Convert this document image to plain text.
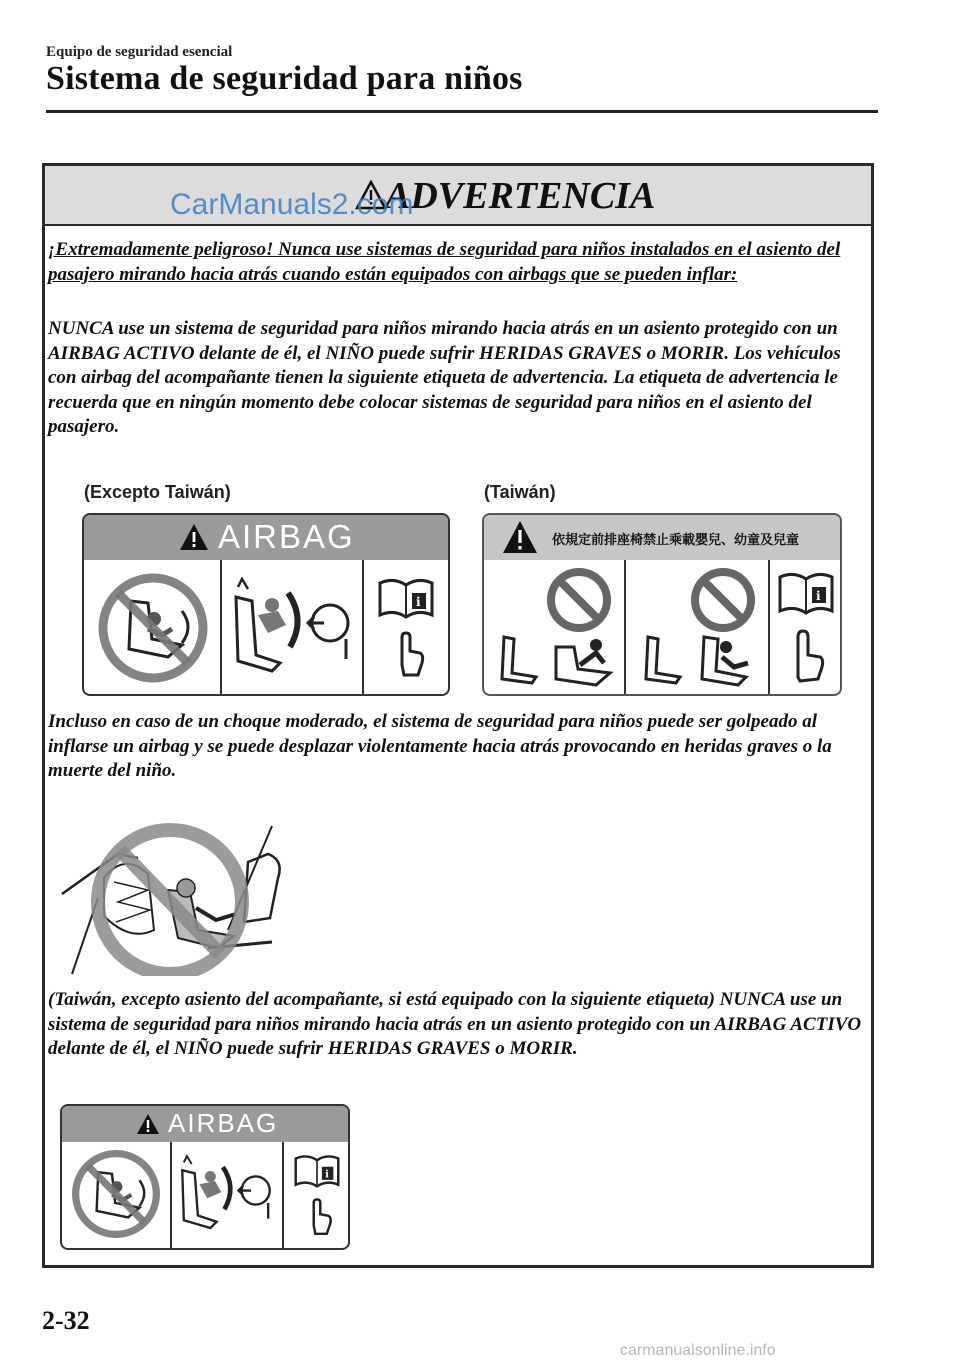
Equipo de seguridad esencial
Sistema de seguridad para niños
ADVERTENCIA
CarManuals2.com
¡Extremadamente peligroso! Nunca use sistemas de seguridad para niños instalados en el asiento del pasajero mirando hacia atrás cuando están equipados con airbags que se pueden inflar:
NUNCA use un sistema de seguridad para niños mirando hacia atrás en un asiento protegido con un AIRBAG ACTIVO delante de él, el NIÑO puede sufrir HERIDAS GRAVES o MORIR. Los vehículos con airbag del acompañante tienen la siguiente etiqueta de advertencia. La etiqueta de advertencia le recuerda que en ningún momento debe colocar sistemas de seguridad para niños en el asiento del pasajero.
(Excepto Taiwán)	(Taiwán)
AIRBAG
i
依規定前排座椅禁止乘載嬰兒、幼童及兒童
i
Incluso en caso de un choque moderado, el sistema de seguridad para niños puede ser golpeado al inflarse un airbag y se puede desplazar violentamente hacia atrás provocando en heridas graves o la muerte del niño.
(Taiwán, excepto asiento del acompañante, si está equipado con la siguiente etiqueta) NUNCA use un sistema de seguridad para niños mirando hacia atrás en un asiento protegido con un AIRBAG ACTIVO delante de él, el NIÑO puede sufrir HERIDAS GRAVES o MORIR.
AIRBAG
i
2-32
carmanualsonline.info
